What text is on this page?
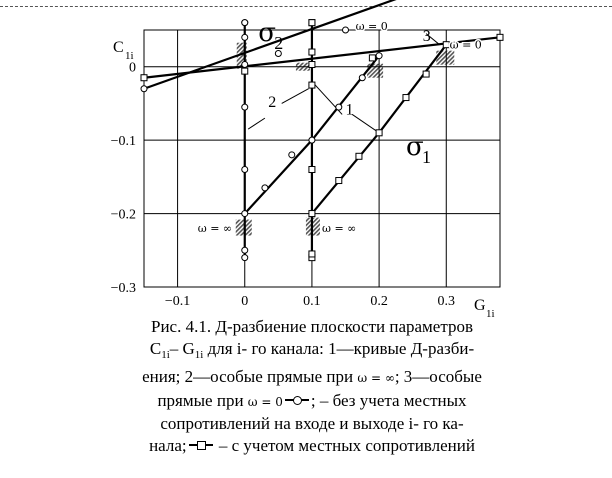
−0.1	0	0.1	0.2	0.3
0
−0.1
−0.2
−0.3
C 1i
G 1i
σ
2
σ
1
ω = 0
ω = 0
ω = ∞	ω = ∞
1
2
3
Рис. 4.1. Д-разбиение плоскости параметров
$C_{1i}-$ $G_{1i}$ для i- го канала: 1—кривые Д-разби-
ения; 2—особые прямые при ω = ∞; 3—особые
прямые при ω = 0 ; – без учета местных
сопротивлений на входе и выходе i- го ка-
нала;
– с учетом местных сопротивлений
